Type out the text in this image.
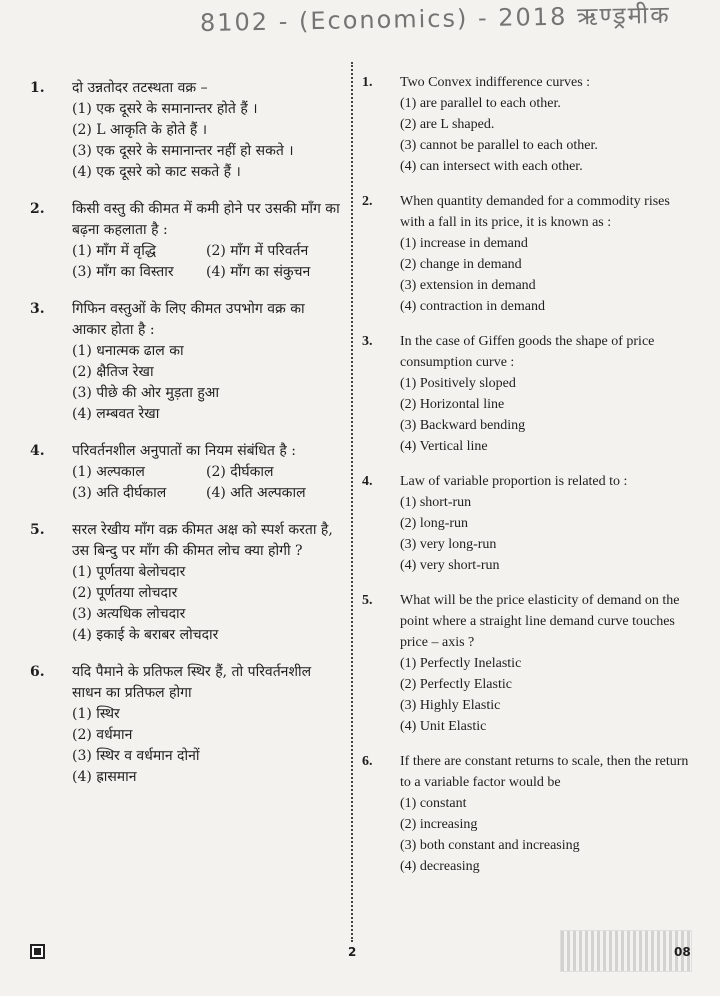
8102 - (Economics) - 2018 ऋण्ड्रमीक
1. दो उन्नतोदर तटस्थता वक्र –
(1) एक दूसरे के समानान्तर होते हैं ।
(2) L आकृति के होते हैं ।
(3) एक दूसरे के समानान्तर नहीं हो सकते ।
(4) एक दूसरे को काट सकते हैं ।
2. किसी वस्तु की कीमत में कमी होने पर उसकी माँग का बढ़ना कहलाता है :
(1) माँग में वृद्धि	(2) माँग में परिवर्तन
(3) माँग का विस्तार	(4) माँग का संकुचन
3. गिफिन वस्तुओं के लिए कीमत उपभोग वक्र का आकार होता है :
(1) धनात्मक ढाल का
(2) क्षैतिज रेखा
(3) पीछे की ओर मुड़ता हुआ
(4) लम्बवत रेखा
4. परिवर्तनशील अनुपातों का नियम संबंधित है :
(1) अल्पकाल	(2) दीर्घकाल
(3) अति दीर्घकाल	(4) अति अल्पकाल
5. सरल रेखीय माँग वक्र कीमत अक्ष को स्पर्श करता है, उस बिन्दु पर माँग की कीमत लोच क्या होगी ?
(1) पूर्णतया बेलोचदार
(2) पूर्णतया लोचदार
(3) अत्यधिक लोचदार
(4) इकाई के बराबर लोचदार
6. यदि पैमाने के प्रतिफल स्थिर हैं, तो परिवर्तनशील साधन का प्रतिफल होगा
(1) स्थिर
(2) वर्धमान
(3) स्थिर व वर्धमान दोनों
(4) ह्रासमान
1. Two Convex indifference curves :
(1) are parallel to each other.
(2) are L shaped.
(3) cannot be parallel to each other.
(4) can intersect with each other.
2. When quantity demanded for a commodity rises with a fall in its price, it is known as :
(1) increase in demand
(2) change in demand
(3) extension in demand
(4) contraction in demand
3. In the case of Giffen goods the shape of price consumption curve :
(1) Positively sloped
(2) Horizontal line
(3) Backward bending
(4) Vertical line
4. Law of variable proportion is related to :
(1) short-run
(2) long-run
(3) very long-run
(4) very short-run
5. What will be the price elasticity of demand on the point where a straight line demand curve touches price – axis ?
(1) Perfectly Inelastic
(2) Perfectly Elastic
(3) Highly Elastic
(4) Unit Elastic
6. If there are constant returns to scale, then the return to a variable factor would be
(1) constant
(2) increasing
(3) both constant and increasing
(4) decreasing
2	08
